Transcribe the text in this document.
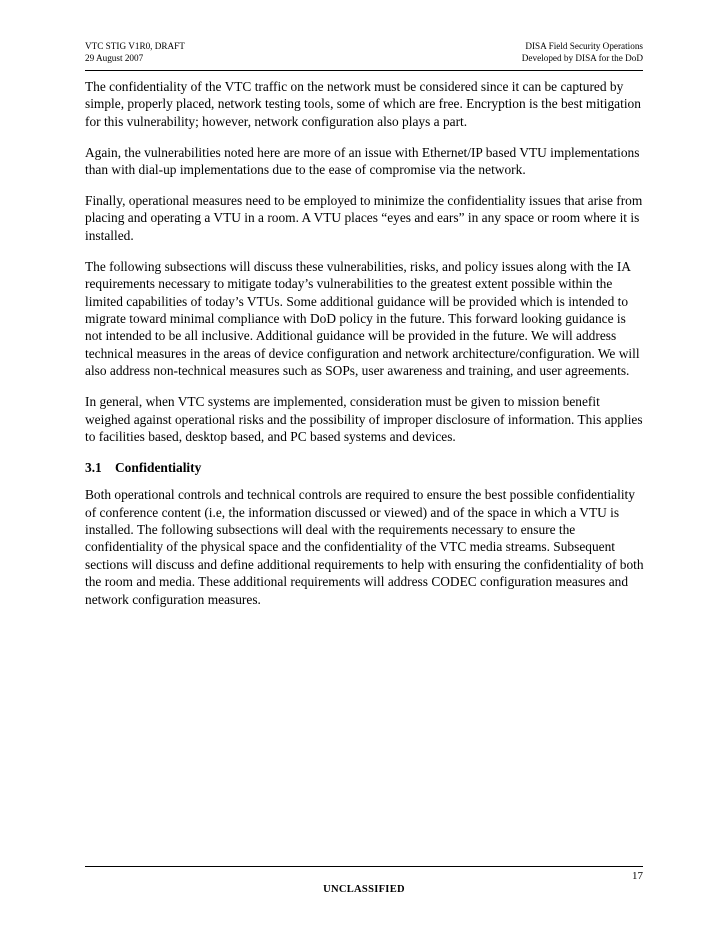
VTC STIG V1R0, DRAFT
29 August 2007
DISA Field Security Operations
Developed by DISA for the DoD

The confidentiality of the VTC traffic on the network must be considered since it can be captured by simple, properly placed, network testing tools, some of which are free. Encryption is the best mitigation for this vulnerability; however, network configuration also plays a part.

Again, the vulnerabilities noted here are more of an issue with Ethernet/IP based VTU implementations than with dial-up implementations due to the ease of compromise via the network.

Finally, operational measures need to be employed to minimize the confidentiality issues that arise from placing and operating a VTU in a room. A VTU places “eyes and ears” in any space or room where it is installed.

The following subsections will discuss these vulnerabilities, risks, and policy issues along with the IA requirements necessary to mitigate today’s vulnerabilities to the greatest extent possible within the limited capabilities of today’s VTUs. Some additional guidance will be provided which is intended to migrate toward minimal compliance with DoD policy in the future. This forward looking guidance is not intended to be all inclusive. Additional guidance will be provided in the future. We will address technical measures in the areas of device configuration and network architecture/configuration. We will also address non-technical measures such as SOPs, user awareness and training, and user agreements.

In general, when VTC systems are implemented, consideration must be given to mission benefit weighed against operational risks and the possibility of improper disclosure of information. This applies to facilities based, desktop based, and PC based systems and devices.

3.1 Confidentiality

Both operational controls and technical controls are required to ensure the best possible confidentiality of conference content (i.e, the information discussed or viewed) and of the space in which a VTU is installed. The following subsections will deal with the requirements necessary to ensure the confidentiality of the physical space and the confidentiality of the VTC media streams. Subsequent sections will discuss and define additional requirements to help with ensuring the confidentiality of both the room and media. These additional requirements will address CODEC configuration measures and network configuration measures.

17
UNCLASSIFIED
